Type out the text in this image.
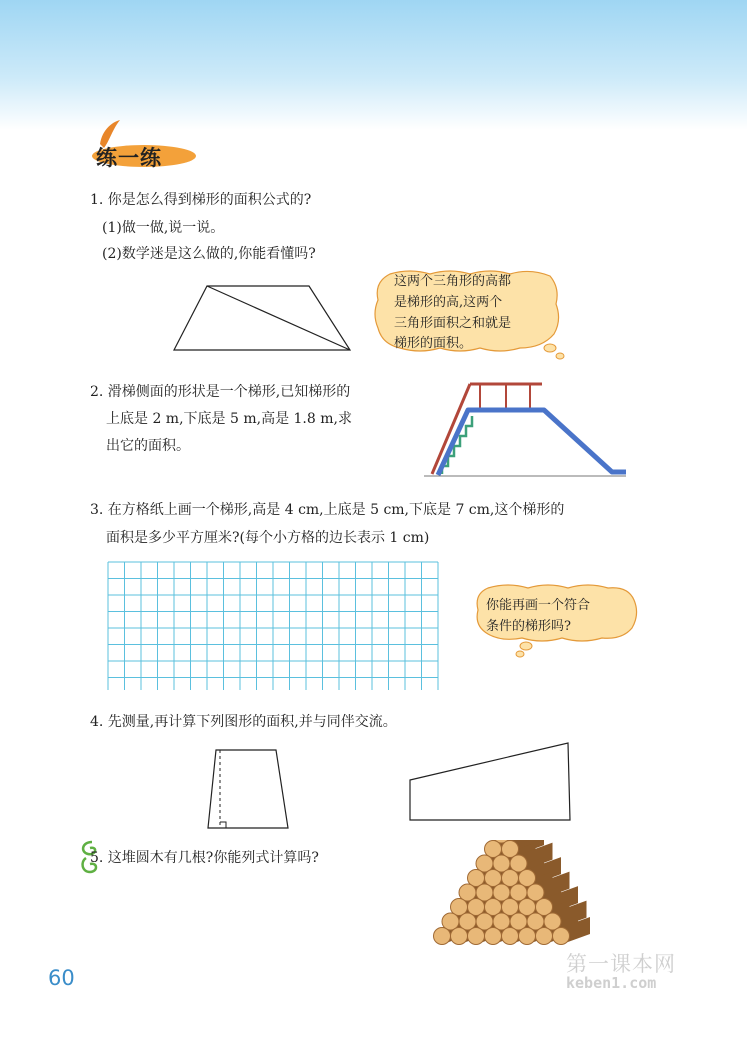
练一练
1. 你是怎么得到梯形的面积公式的?
(1)做一做,说一说。
(2)数学迷是这么做的,你能看懂吗?
这两个三角形的高都
是梯形的高,这两个
三角形面积之和就是
梯形的面积。
2. 滑梯侧面的形状是一个梯形,已知梯形的
上底是 2 m,下底是 5 m,高是 1.8 m,求
出它的面积。
3. 在方格纸上画一个梯形,高是 4 cm,上底是 5 cm,下底是 7 cm,这个梯形的
面积是多少平方厘米?(每个小方格的边长表示 1 cm)
你能再画一个符合
条件的梯形吗?
4. 先测量,再计算下列图形的面积,并与同伴交流。
5. 这堆圆木有几根?你能列式计算吗?
60
第一课本网
keben1.com
